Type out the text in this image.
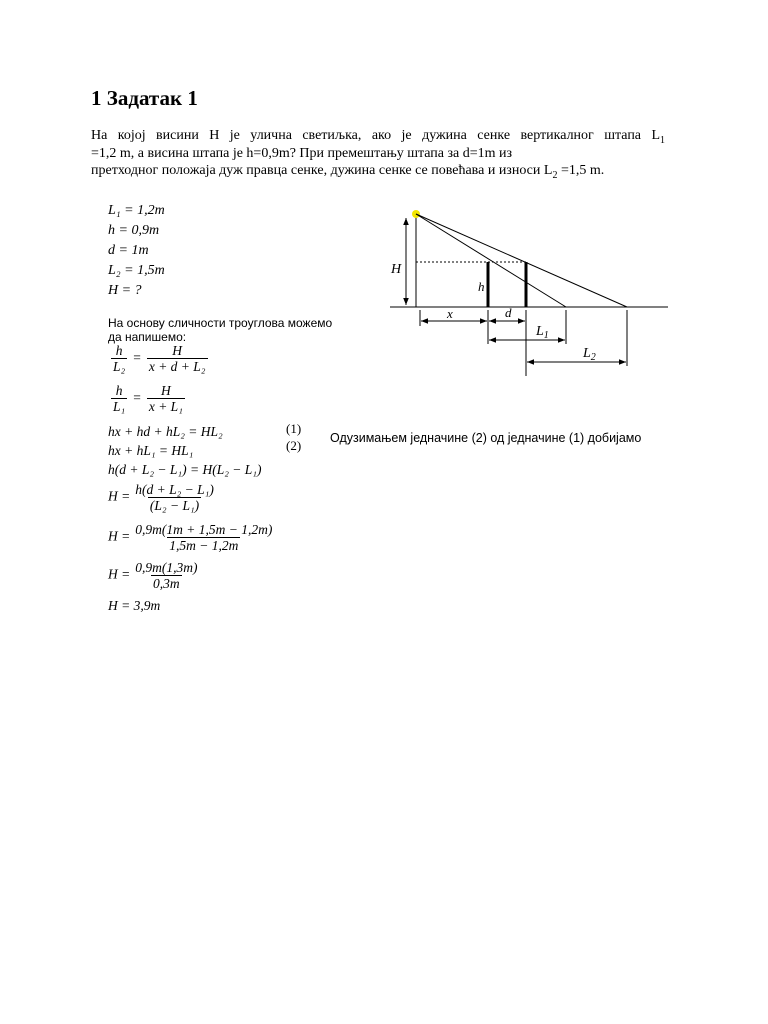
1 Задатак 1
На којој висини Н је улична светиљка, ако је дужина сенке вертикалног штапа $L_1$
=1,2 m, а висина штапа је h=0,9m? При премештању штапа за d=1m из
претходног положаја дуж правца сенке, дужина сенке се повећава и износи $L_2 =1,5$ m.
L₁ = 1,2m
h = 0,9m
d = 1m
L₂ = 1,5m
H = ?
На основу сличности троуглова можемо
да напишемо:
$\frac{h}{\text{L₂}} = \frac{H}{\text{x + d + L₂}}$
$\frac{h}{\text{L₁}} = \frac{H}{\text{x + L₁}}$
hx + hd + hL₂ = HL₂
hx + hL₁ = HL₁
(1)
(2) Одузимањем једначине (2) од једначине (1) добијамо
h(d + L₂ − L₁) = H(L₂ − L₁)
$H = \frac{\text{h(d + L₂ − L₁)}}{\text{(L₂ − L₁)}}$
$H = \frac{0,9m(1m + 1,5m - 1,2m)}{1,5m - 1,2m}$
$H = \frac{0,9m(1,3m)}{0,3m}$
H = 3,9m
H
h
x	d
$L_1$
$L_2$
